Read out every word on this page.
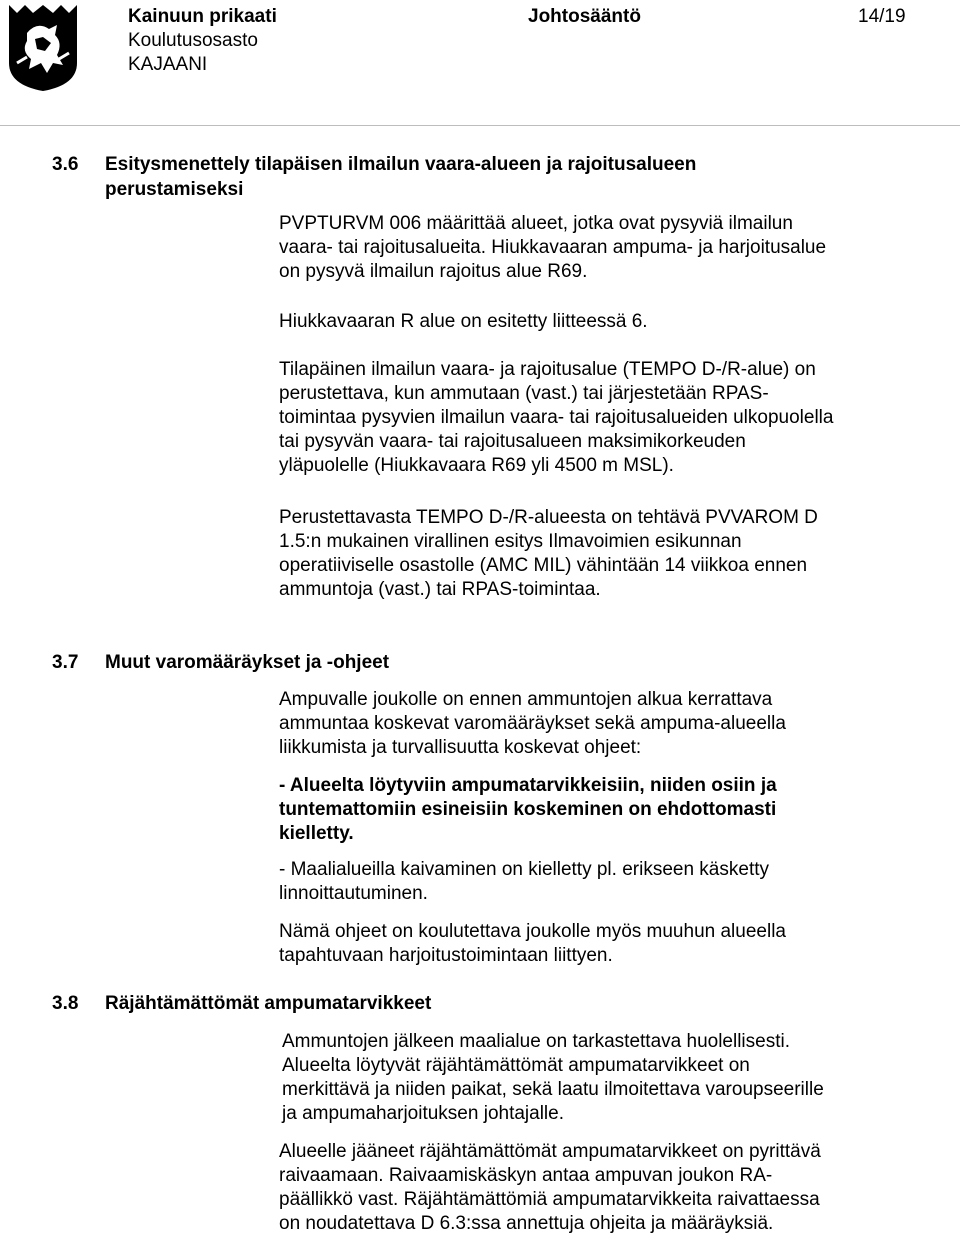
Kainuun prikaati
Koulutusosasto
KAJAANI
Johtosääntö	14/19
3.6 Esitysmenettely tilapäisen ilmailun vaara-alueen ja rajoitusalueen
perustamiseksi
PVPTURVM 006 määrittää alueet, jotka ovat pysyviä ilmailun
vaara- tai rajoitusalueita. Hiukkavaaran ampuma- ja harjoitusalue
on pysyvä ilmailun rajoitus alue R69.
Hiukkavaaran R alue on esitetty liitteessä 6.
Tilapäinen ilmailun vaara- ja rajoitusalue (TEMPO D-/R-alue) on
perustettava, kun ammutaan (vast.) tai järjestetään RPAS-
toimintaa pysyvien ilmailun vaara- tai rajoitusalueiden ulkopuolella
tai pysyvän vaara- tai rajoitusalueen maksimikorkeuden
yläpuolelle (Hiukkavaara R69 yli 4500 m MSL).
Perustettavasta TEMPO D-/R-alueesta on tehtävä PVVAROM D
1.5:n mukainen virallinen esitys Ilmavoimien esikunnan
operatiiviselle osastolle (AMC MIL) vähintään 14 viikkoa ennen
ammuntoja (vast.) tai RPAS-toimintaa.
3.7 Muut varomääräykset ja -ohjeet
Ampuvalle joukolle on ennen ammuntojen alkua kerrattava
ammuntaa koskevat varomääräykset sekä ampuma-alueella
liikkumista ja turvallisuutta koskevat ohjeet:
- Alueelta löytyviin ampumatarvikkeisiin, niiden osiin ja
tuntemattomiin esineisiin koskeminen on ehdottomasti
kielletty.
- Maalialueilla kaivaminen on kielletty pl. erikseen käsketty
linnoittautuminen.
Nämä ohjeet on koulutettava joukolle myös muuhun alueella
tapahtuvaan harjoitustoimintaan liittyen.
3.8 Räjähtämättömät ampumatarvikkeet
Ammuntojen jälkeen maalialue on tarkastettava huolellisesti.
Alueelta löytyvät räjähtämättömät ampumatarvikkeet on
merkittävä ja niiden paikat, sekä laatu ilmoitettava varoupseerille
ja ampumaharjoituksen johtajalle.
Alueelle jääneet räjähtämättömät ampumatarvikkeet on pyrittävä
raivaamaan. Raivaamiskäskyn antaa ampuvan joukon RA-
päällikkö vast. Räjähtämättömiä ampumatarvikkeita raivattaessa
on noudatettava D 6.3:ssa annettuja ohjeita ja määräyksiä.
